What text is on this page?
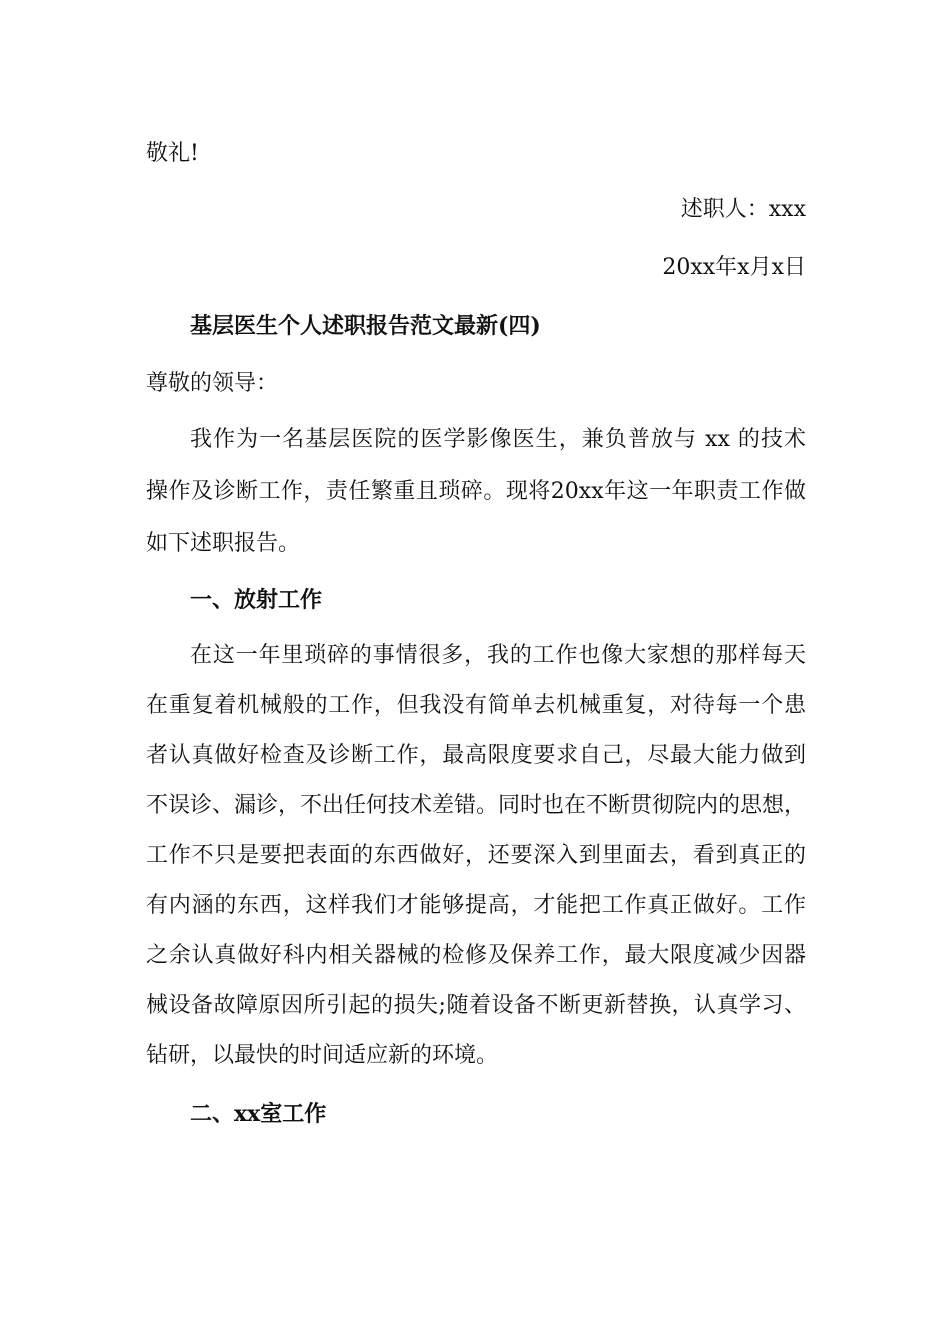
敬礼!

述职人：xxx

20xx年x月x日

基层医生个人述职报告范文最新(四)

尊敬的领导：

我作为一名基层医院的医学影像医生，兼负普放与 xx 的技术

操作及诊断工作，责任繁重且琐碎。现将20xx年这一年职责工作做

如下述职报告。

一、放射工作

在这一年里琐碎的事情很多，我的工作也像大家想的那样每天

在重复着机械般的工作，但我没有简单去机械重复，对待每一个患

者认真做好检查及诊断工作，最高限度要求自己，尽最大能力做到

不误诊、漏诊，不出任何技术差错。同时也在不断贯彻院内的思想，

工作不只是要把表面的东西做好，还要深入到里面去，看到真正的

有内涵的东西，这样我们才能够提高，才能把工作真正做好。工作

之余认真做好科内相关器械的检修及保养工作，最大限度减少因器

械设备故障原因所引起的损失;随着设备不断更新替换，认真学习、

钻研，以最快的时间适应新的环境。

二、xx室工作
